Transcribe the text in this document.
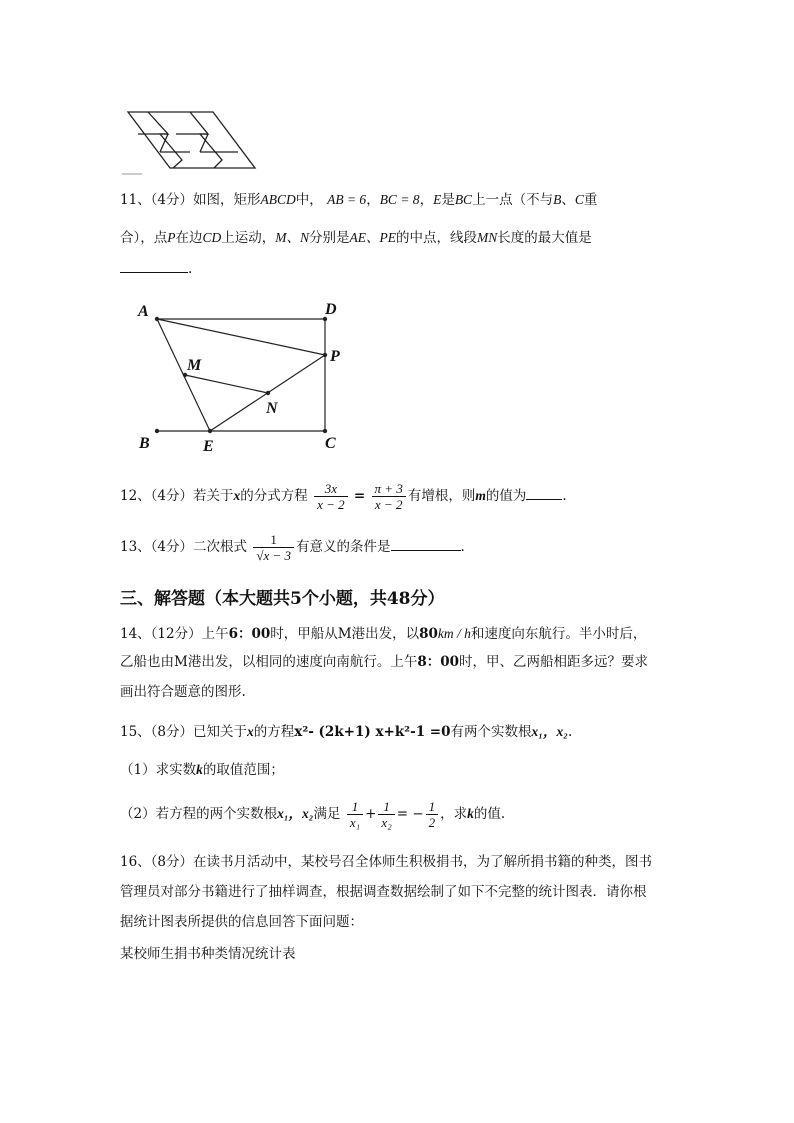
11、（4分）如图，矩形ABCD中， AB = 6，BC = 8，E是BC上一点（不与B、C重
合），点P在边CD上运动，M、N分别是AE、PE的中点，线段MN长度的最大值是
.
A	D
P
M
N
B	E	C
12、（4分）若关于x的分式方程 $\frac{3x}{x - 2} = \frac{\pi + 3}{x - 2}$ 有增根，则m的值为	.
13、（4分）二次根式 $\frac{1}{√x - 3}$ 有意义的条件是	.
三、解答题（本大题共5个小题，共48分）
14、（12分）上午6：00时，甲船从M港出发，以80km / h和速度向东航行。半小时后，
乙船也由M港出发，以相同的速度向南航行。上午8：00时，甲、乙两船相距多远？要求
画出符合题意的图形.
15、（8分）已知关于x的方程x²- (2k+1) x+k²-1 =0有两个实数根x₁，x₂.
（1）求实数k的取值范围；
（2）若方程的两个实数根x₁，x₂满足 $\frac{1}{\text{x₁}} + \frac{1}{\text{x₂}}$ = − $\frac{1}{2}$ ，求k的值.
16、（8分）在读书月活动中，某校号召全体师生积极捐书，为了解所捐书籍的种类，图书
管理员对部分书籍进行了抽样调查，根据调查数据绘制了如下不完整的统计图表．请你根
据统计图表所提供的信息回答下面问题：
某校师生捐书种类情况统计表
